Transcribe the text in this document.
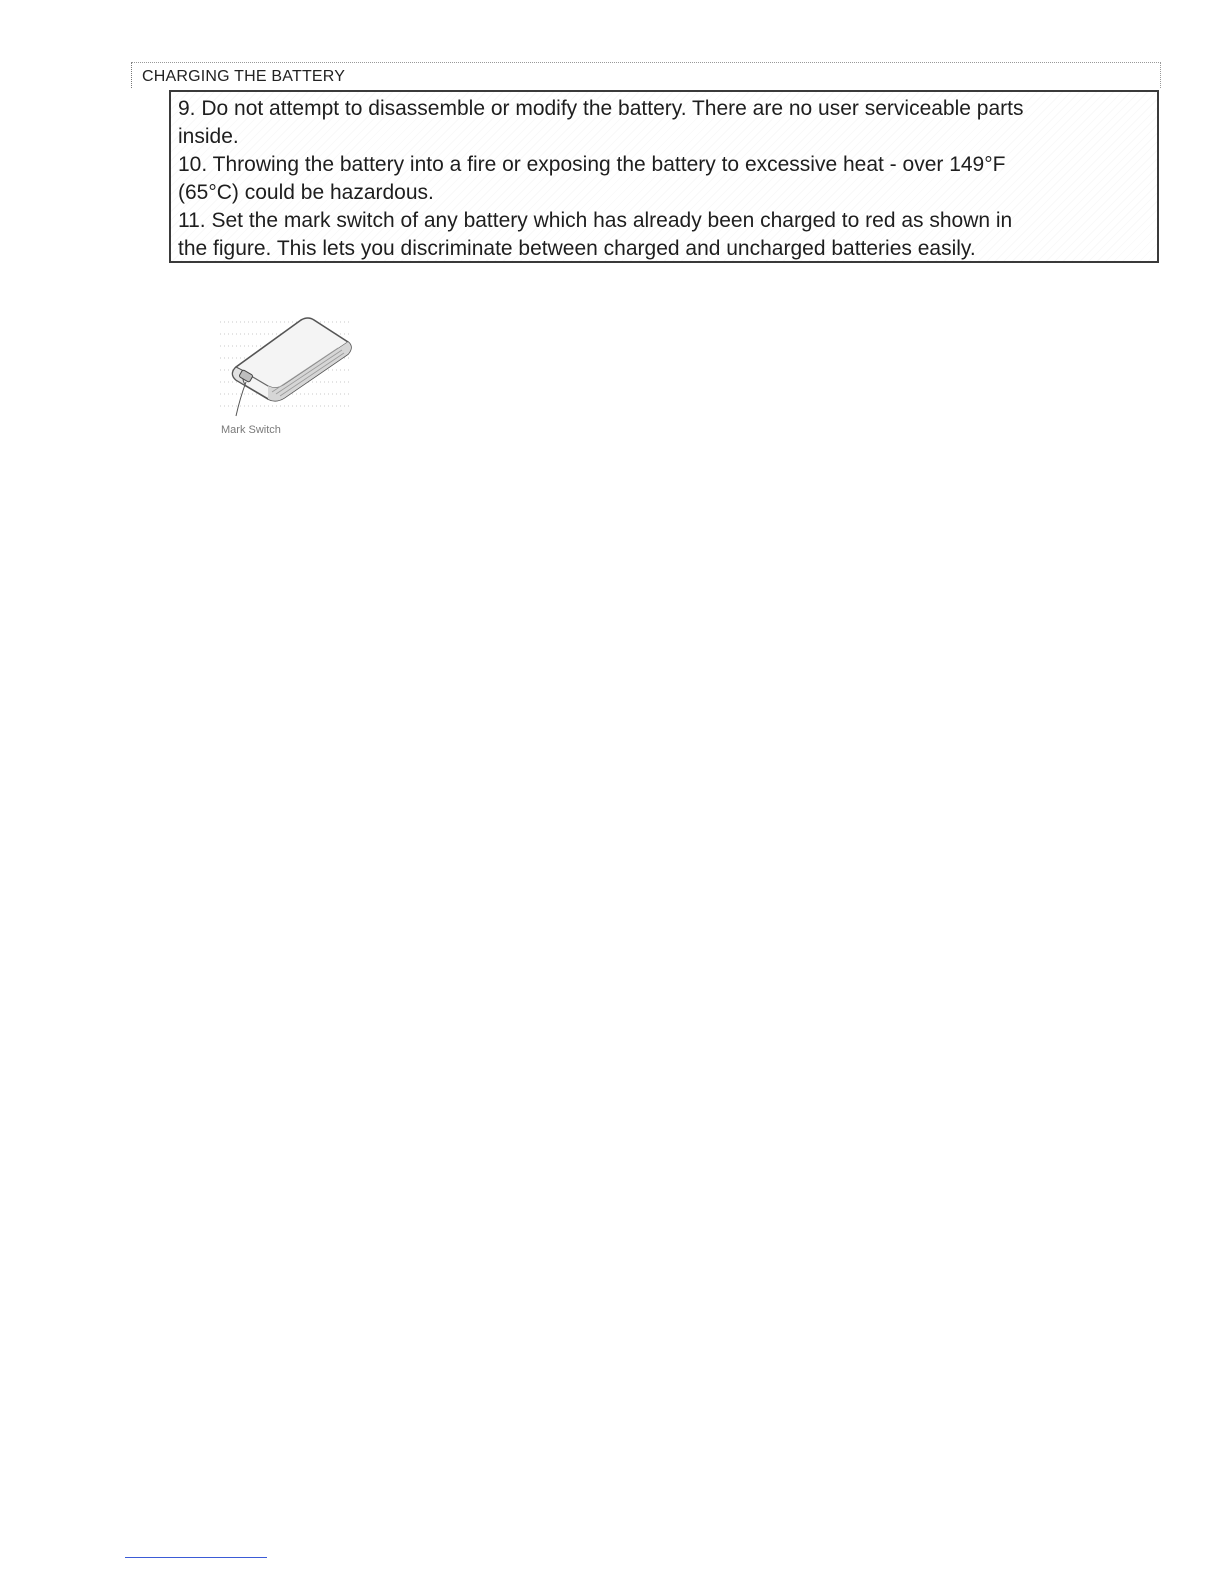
CHARGING THE BATTERY
9. Do not attempt to disassemble or modify the battery. There are no user serviceable parts
inside.
10. Throwing the battery into a fire or exposing the battery to excessive heat - over 149°F
(65°C) could be hazardous.
11. Set the mark switch of any battery which has already been charged to red as shown in
the figure. This lets you discriminate between charged and uncharged batteries easily.
Mark Switch
